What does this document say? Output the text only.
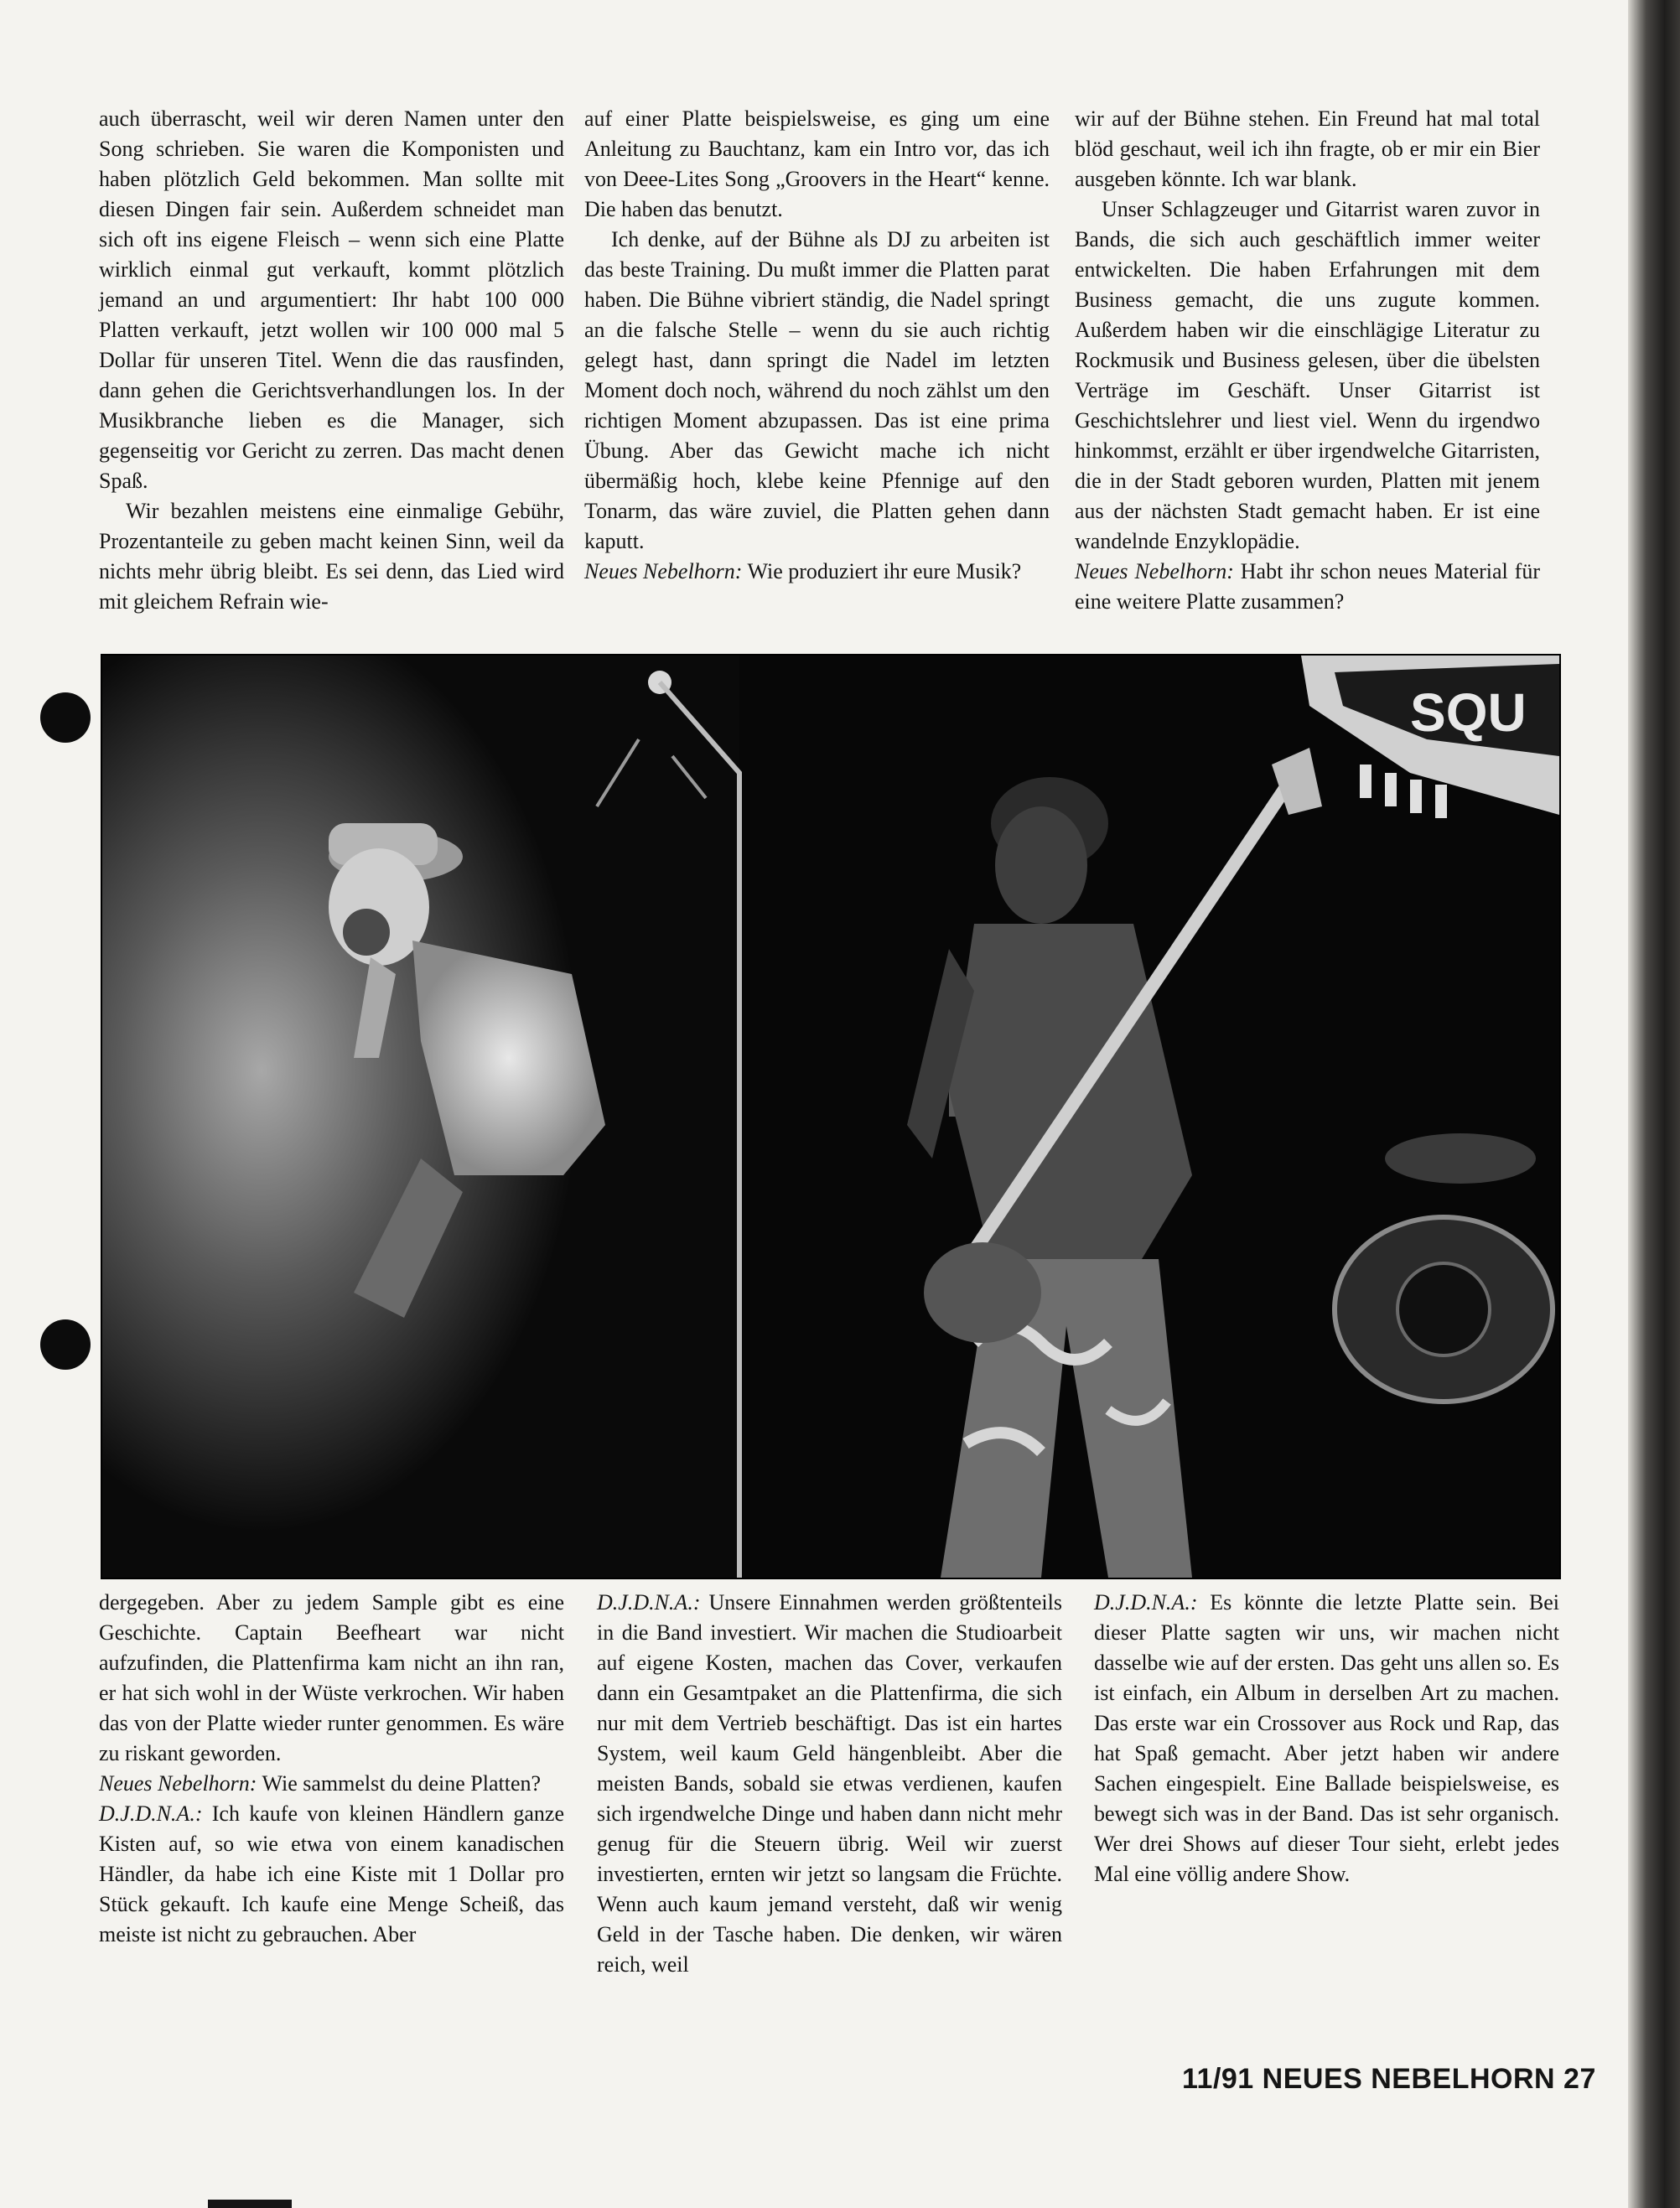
auch überrascht, weil wir deren Namen unter den Song schrieben. Sie waren die Komponisten und haben plötzlich Geld bekommen. Man sollte mit diesen Dingen fair sein. Außerdem schneidet man sich oft ins eigene Fleisch – wenn sich eine Platte wirklich einmal gut verkauft, kommt plötzlich jemand an und argumentiert: Ihr habt 100 000 Platten verkauft, jetzt wollen wir 100 000 mal 5 Dollar für unseren Titel. Wenn die das rausfinden, dann gehen die Gerichtsverhandlungen los. In der Musikbranche lieben es die Manager, sich gegenseitig vor Gericht zu zerren. Das macht denen Spaß.

Wir bezahlen meistens eine einmalige Gebühr, Prozentanteile zu geben macht keinen Sinn, weil da nichts mehr übrig bleibt. Es sei denn, das Lied wird mit gleichem Refrain wie-

auf einer Platte beispielsweise, es ging um eine Anleitung zu Bauchtanz, kam ein Intro vor, das ich von Deee-Lites Song „Groovers in the Heart“ kenne. Die haben das benutzt.

Ich denke, auf der Bühne als DJ zu arbeiten ist das beste Training. Du mußt immer die Platten parat haben. Die Bühne vibriert ständig, die Nadel springt an die falsche Stelle – wenn du sie auch richtig gelegt hast, dann springt die Nadel im letzten Moment doch noch, während du noch zählst um den richtigen Moment abzupassen. Das ist eine prima Übung. Aber das Gewicht mache ich nicht übermäßig hoch, klebe keine Pfennige auf den Tonarm, das wäre zuviel, die Platten gehen dann kaputt.

Neues Nebelhorn: Wie produziert ihr eure Musik?

wir auf der Bühne stehen. Ein Freund hat mal total blöd geschaut, weil ich ihn fragte, ob er mir ein Bier ausgeben könnte. Ich war blank.

Unser Schlagzeuger und Gitarrist waren zuvor in Bands, die sich auch geschäftlich immer weiter entwickelten. Die haben Erfahrungen mit dem Business gemacht, die uns zugute kommen. Außerdem haben wir die einschlägige Literatur zu Rockmusik und Business gelesen, über die übelsten Verträge im Geschäft. Unser Gitarrist ist Geschichtslehrer und liest viel. Wenn du irgendwo hinkommst, erzählt er über irgendwelche Gitarristen, die in der Stadt geboren wurden, Platten mit jenem aus der nächsten Stadt gemacht haben. Er ist eine wandelnde Enzyklopädie.

Neues Nebelhorn: Habt ihr schon neues Material für eine weitere Platte zusammen?

SQU

dergegeben. Aber zu jedem Sample gibt es eine Geschichte. Captain Beefheart war nicht aufzufinden, die Plattenfirma kam nicht an ihn ran, er hat sich wohl in der Wüste verkrochen. Wir haben das von der Platte wieder runter genommen. Es wäre zu riskant geworden.

Neues Nebelhorn: Wie sammelst du deine Platten?

D.J.D.N.A.: Ich kaufe von kleinen Händlern ganze Kisten auf, so wie etwa von einem kanadischen Händler, da habe ich eine Kiste mit 1 Dollar pro Stück gekauft. Ich kaufe eine Menge Scheiß, das meiste ist nicht zu gebrauchen. Aber

D.J.D.N.A.: Unsere Einnahmen werden größtenteils in die Band investiert. Wir machen die Studioarbeit auf eigene Kosten, machen das Cover, verkaufen dann ein Gesamtpaket an die Plattenfirma, die sich nur mit dem Vertrieb beschäftigt. Das ist ein hartes System, weil kaum Geld hängenbleibt. Aber die meisten Bands, sobald sie etwas verdienen, kaufen sich irgendwelche Dinge und haben dann nicht mehr genug für die Steuern übrig. Weil wir zuerst investierten, ernten wir jetzt so langsam die Früchte. Wenn auch kaum jemand versteht, daß wir wenig Geld in der Tasche haben. Die denken, wir wären reich, weil

D.J.D.N.A.: Es könnte die letzte Platte sein. Bei dieser Platte sagten wir uns, wir machen nicht dasselbe wie auf der ersten. Das geht uns allen so. Es ist einfach, ein Album in derselben Art zu machen. Das erste war ein Crossover aus Rock und Rap, das hat Spaß gemacht. Aber jetzt haben wir andere Sachen eingespielt. Eine Ballade beispielsweise, es bewegt sich was in der Band. Das ist sehr organisch. Wer drei Shows auf dieser Tour sieht, erlebt jedes Mal eine völlig andere Show.

11/91 NEUES NEBELHORN 27
